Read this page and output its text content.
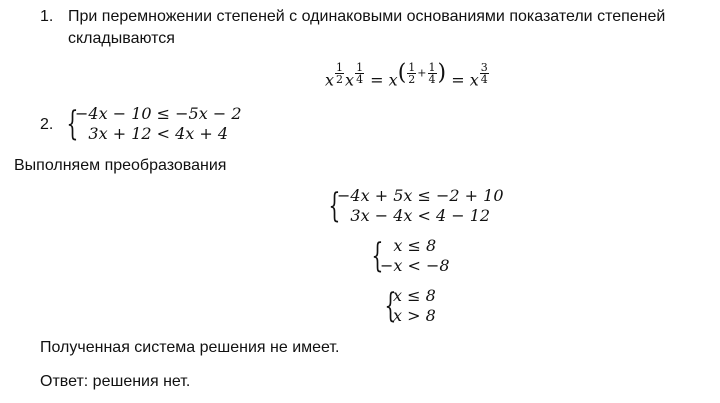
1. При перемножении степеней с одинаковыми основаниями показатели степеней
складываются
x $\frac{1}{2}$ x $\frac{1}{4} = x( \frac{1}{2} + \frac{1}{4}$ ) = x $\frac{3}{4}$
2. {
−4x − 10 ≤ −5x − 2
3x + 12 < 4x + 4
Выполняем преобразования
{
−4x + 5x ≤ −2 + 10
3x − 4x < 4 − 12
{ x ≤ 8
−x < −8
{
x ≤ 8
x > 8
Полученная система решения не имеет.
Ответ: решения нет.
